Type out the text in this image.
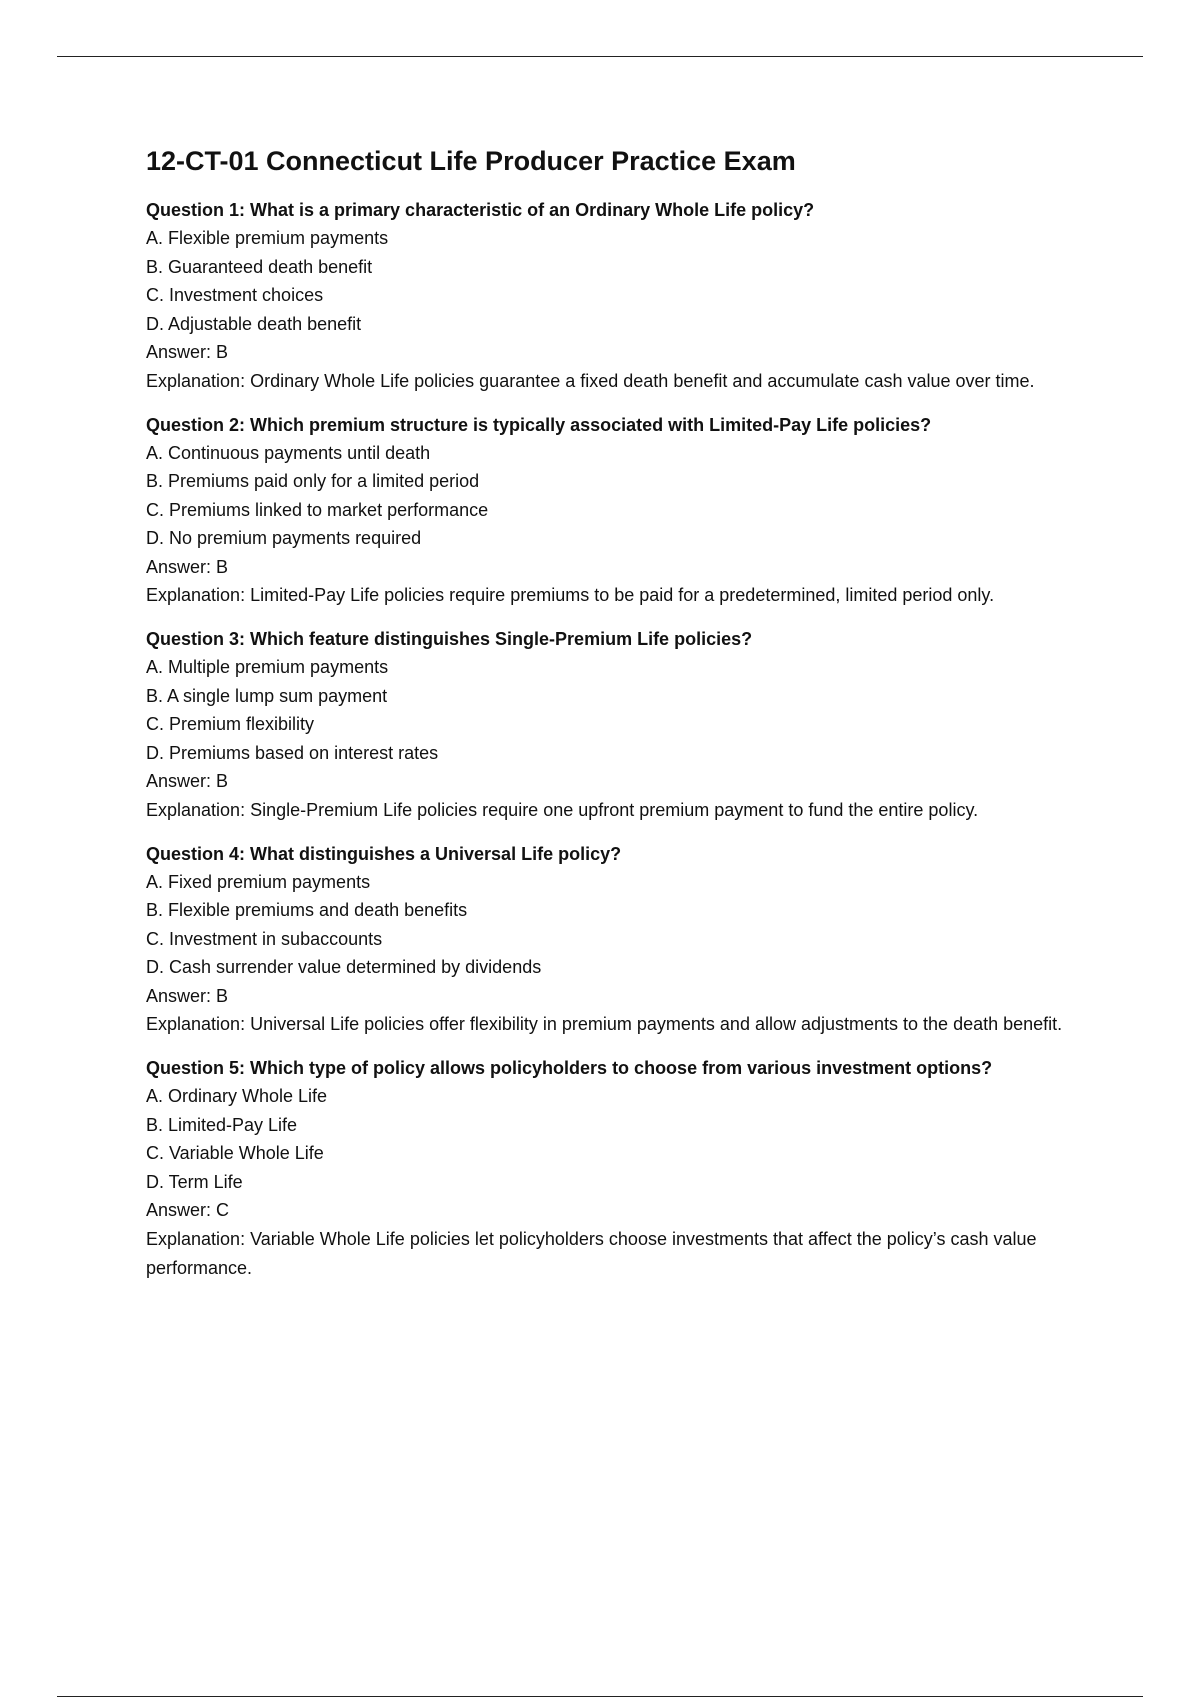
12-CT-01 Connecticut Life Producer Practice Exam

Question 1: What is a primary characteristic of an Ordinary Whole Life policy?

A. Flexible premium payments

B. Guaranteed death benefit

C. Investment choices

D. Adjustable death benefit

Answer: B

Explanation: Ordinary Whole Life policies guarantee a fixed death benefit and accumulate cash value over time.

Question 2: Which premium structure is typically associated with Limited-Pay Life policies?

A. Continuous payments until death

B. Premiums paid only for a limited period

C. Premiums linked to market performance

D. No premium payments required

Answer: B

Explanation: Limited-Pay Life policies require premiums to be paid for a predetermined, limited period only.

Question 3: Which feature distinguishes Single-Premium Life policies?

A. Multiple premium payments

B. A single lump sum payment

C. Premium flexibility

D. Premiums based on interest rates

Answer: B

Explanation: Single-Premium Life policies require one upfront premium payment to fund the entire policy.

Question 4: What distinguishes a Universal Life policy?

A. Fixed premium payments

B. Flexible premiums and death benefits

C. Investment in subaccounts

D. Cash surrender value determined by dividends

Answer: B

Explanation: Universal Life policies offer flexibility in premium payments and allow adjustments to the death benefit.

Question 5: Which type of policy allows policyholders to choose from various investment options?

A. Ordinary Whole Life

B. Limited-Pay Life

C. Variable Whole Life

D. Term Life

Answer: C

Explanation: Variable Whole Life policies let policyholders choose investments that affect the policy’s cash value performance.
